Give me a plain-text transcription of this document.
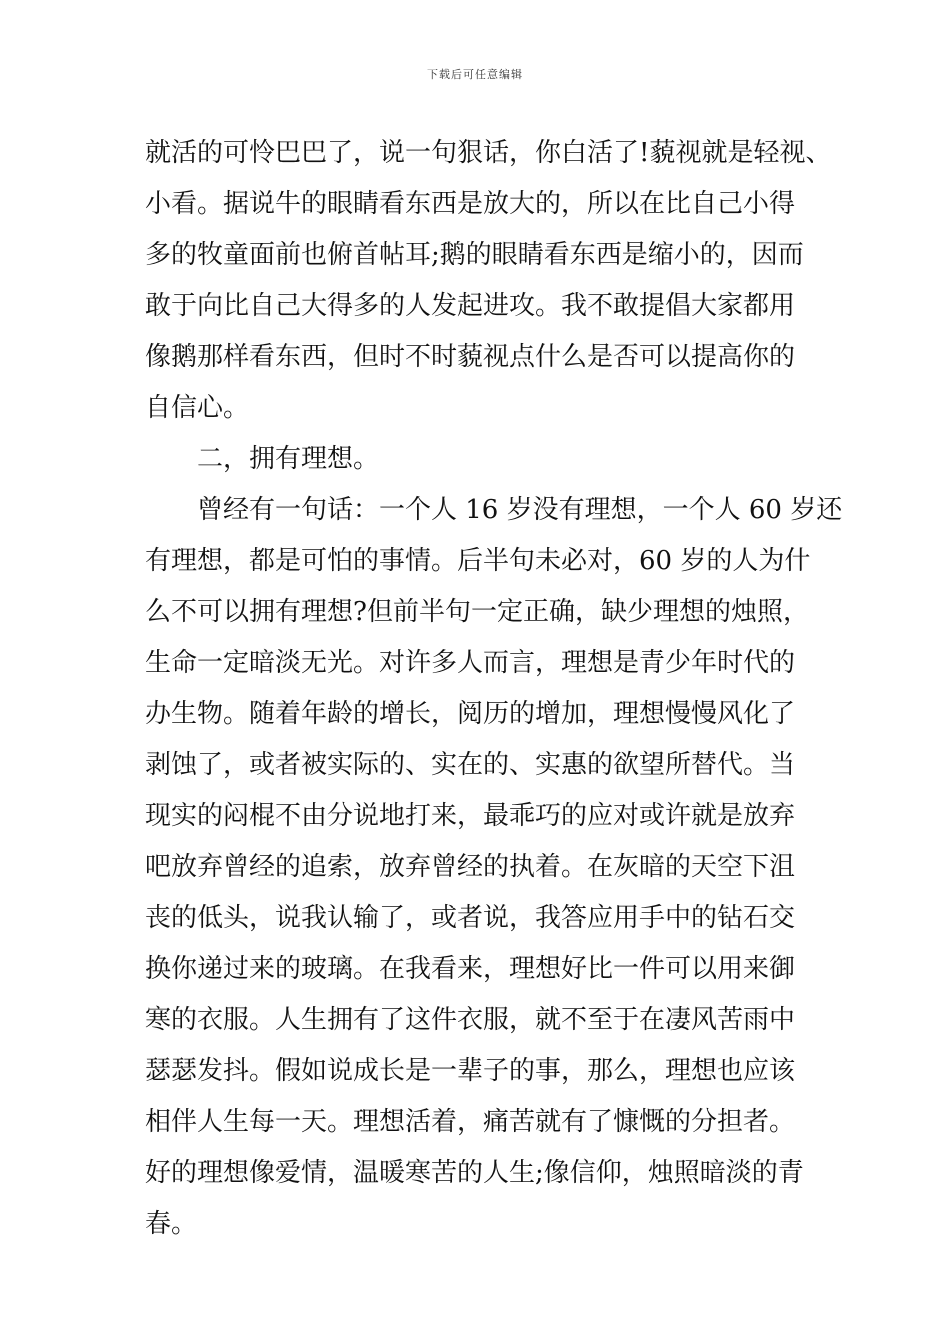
下载后可任意编辑
就活的可怜巴巴了，说一句狠话，你白活了!藐视就是轻视、
小看。据说牛的眼睛看东西是放大的，所以在比自己小得
多的牧童面前也俯首帖耳;鹅的眼睛看东西是缩小的，因而
敢于向比自己大得多的人发起进攻。我不敢提倡大家都用
像鹅那样看东西，但时不时藐视点什么是否可以提高你的
自信心。
二，拥有理想。
曾经有一句话：一个人 16 岁没有理想，一个人 60 岁还
有理想，都是可怕的事情。后半句未必对，60 岁的人为什
么不可以拥有理想?但前半句一定正确，缺少理想的烛照，
生命一定暗淡无光。对许多人而言，理想是青少年时代的
办生物。随着年龄的增长，阅历的增加，理想慢慢风化了
剥蚀了，或者被实际的、实在的、实惠的欲望所替代。当
现实的闷棍不由分说地打来，最乖巧的应对或许就是放弃
吧放弃曾经的追索，放弃曾经的执着。在灰暗的天空下沮
丧的低头，说我认输了，或者说，我答应用手中的钻石交
换你递过来的玻璃。在我看来，理想好比一件可以用来御
寒的衣服。人生拥有了这件衣服，就不至于在凄风苦雨中
瑟瑟发抖。假如说成长是一辈子的事，那么，理想也应该
相伴人生每一天。理想活着，痛苦就有了慷慨的分担者。
好的理想像爱情，温暖寒苦的人生;像信仰，烛照暗淡的青
春。
